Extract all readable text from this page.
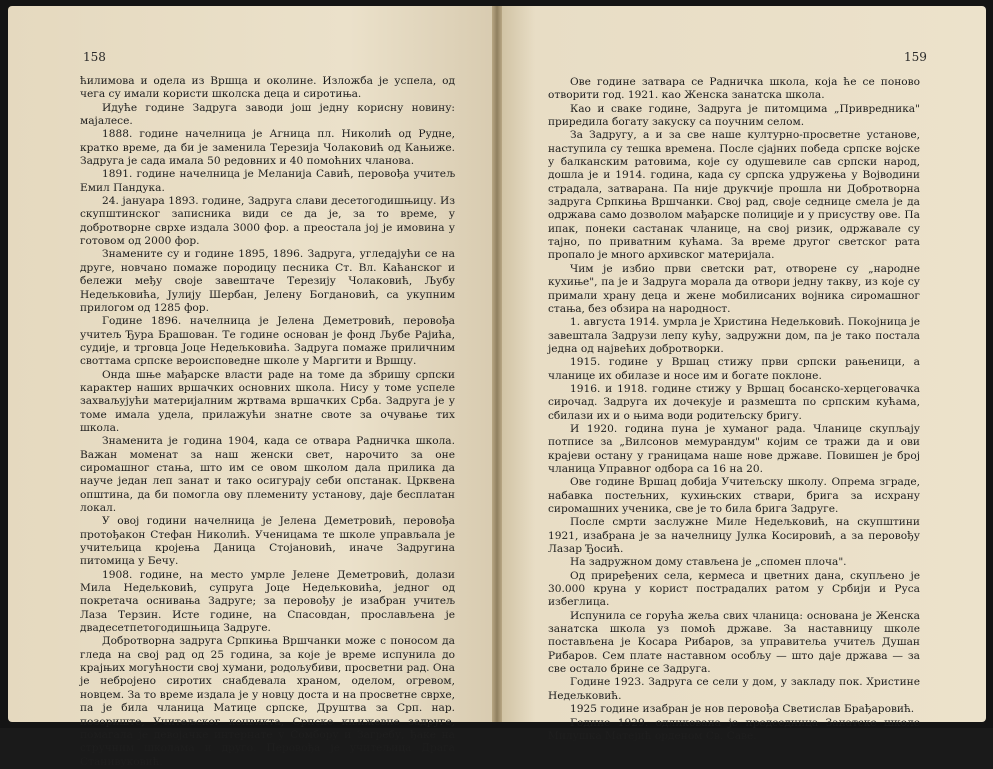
158

ћилимова и одела из Вршца и околине. Изложба је успела, од чега су имали користи школска деца и сиротиња.

Идуће године Задруга заводи још једну корисну новину: мајалесе.

1888. године начелница је Агница пл. Николић од Рудне, кратко време, да би је заменила Терезија Чолаковић од Кањиже. Задруга је сада имала 50 редовних и 40 помоћних чланова.

1891. године начелница је Меланија Савић, перовођа учитељ Емил Пандука.

24. јануара 1893. године, Задруга слави десетогодишњицу. Из скупштинског записника види се да је, за то време, у добротворне сврхе издала 3000 фор. а преостала јој је имовина у готовом од 2000 фор.

Знамените су и године 1895, 1896. Задруга, угледајући се на друге, новчано помаже породицу песника Ст. Вл. Каћанског и бележи међу своје завештаче Терезију Чолаковић, Љубу Недељковића, Јулију Шербан, Јелену Богдановић, са укупним прилогом од 1285 фор.

Године 1896. начелница је Јелена Деметровић, перовођа учитељ Ђура Брашован. Те године основан је фонд Љубе Рајића, судије, и трговца Јоце Недељковића. Задруга помаже приличним своттама српске вероисповедне школе у Маргити и Вршцу.

Онда шње мађарске власти раде на томе да збришу српски карактер наших вршачких основних школа. Нису у томе успеле захваљујући материјалним жртвама вршачких Срба. Задруга је у томе имала удела, прилажући знатне своте за очување тих школа.

Знаменита је година 1904, када се отвара Радничка школа. Важан моменат за наш женски свет, нарочито за оне сиромашног стања, што им се овом школом дала прилика да науче један леп занат и тако осигурају себи опстанак. Црквена општина, да би помогла ову племениту установу, даје бесплатан локал.

У овој години начелница је Јелена Деметровић, перовођа протођакон Стефан Николић. Ученицама те школе управљала је учитељица кројења Даница Стојановић, иначе Задругина питомица у Бечу.

1908. године, на место умрле Јелене Деметровић, долази Мила Недељковић, супруга Јоце Недељковића, једног од покретача оснивања Задруге; за перовођу је изабран учитељ Лаза Терзин. Исте године, на Спасовдан, прослављена је двадесетпетогодишњица Задруге.

Добротворна задруга Српкиња Вршчанки може с поносом да гледа на свој рад од 25 година, за које је време испунила до крајњих могућности свој хумани, родољубиви, просветни рад. Она је небројено сиротих снабдевала храном, оделом, огревом, новцем. За то време издала је у новцу доста и на просветне сврхе, па је била чланица Матице српске, Друштва за Срп. нар. позориште, Учитељског конвикта, Српске књижевне задруге, помагала је девојачке интернате у Сомбору и Загребу, ђаке на стручним школама и друго. Перовођа је учитељица Драга Станивуковић.

159

Ове године затвара се Радничка школа, која ће се поново отворити год. 1921. као Женска занатска школа.

Као и сваке године, Задруга је питомцима „Привредника" приредила богату закуску са поучним селом.

За Задругу, а и за све наше културно-просветне установе, наступила су тешка времена. После сјајних победа српске војске у балканским ратовима, које су одушевиле сав српски народ, дошла је и 1914. година, када су српска удружења у Војводини страдала, затварана. Па није друкчије прошла ни Добротворна задруга Српкиња Вршчанки. Свој рад, своје седнице смела је да одржава само дозволом мађарске полиције и у присуству ове. Па ипак, понеки састанак чланице, на свој ризик, одржавале су тајно, по приватним кућама. За време другог светског рата пропало је много архивског материјала.

Чим је избио први светски рат, отворене су „народне кухиње", па је и Задруга морала да отвори једну такву, из које су примали храну деца и жене мобилисаних војника сиромашног стања, без обзира на народност.

1. августа 1914. умрла је Христина Недељковић. Покојница је завештала Задрузи лепу кућу, задружни дом, па је тако постала једна од највећих добротворки.

1915. године у Вршац стижу први српски рањеници, а чланице их обилазе и носе им и богате поклоне.

1916. и 1918. године стижу у Вршац босанско-херцеговачка сирочад. Задруга их дочекује и размешта по српским кућама, сбилази их и о њима води родитељску бригу.

И 1920. година пуна је хуманог рада. Чланице скупљају потписе за „Вилсонов мемурандум" којим се тражи да и ови крајеви остану у границама наше нове државе. Повишен је број чланица Управног одбора са 16 на 20.

Ове године Вршац добија Учитељску школу. Опрема зграде, набавка постељних, кухињских ствари, брига за исхрану сиромашних ученика, све је то била брига Задруге.

После смрти заслужне Миле Недељковић, на скупштини 1921, изабрана је за начелницу Јулка Косировић, а за перовођу Лазар Ђосић.

На задружном дому стављена је „спомен плоча".

Од приређених села, кермеса и цветних дана, скупљено је 30.000 круна у корист пострадалих ратом у Србији и Руса избеглица.

Испунила се горућа жеља свих чланица: основана је Женска занатска школа уз помоћ државе. За наставницу школе постављена је Косара Рибаров, за управитеља учитељ Душан Рибаров. Сем плате наставном особљу — што даје држава — за све остало брине се Задруга.

Године 1923. Задруга се сели у дом, у закладу пок. Христине Недељковић.

1925 године изабран је нов перовођа Светислав Брађаровић.

Године 1929. одликована је председница Занатске школе Милушка Матејић орденом Св. Саве.
